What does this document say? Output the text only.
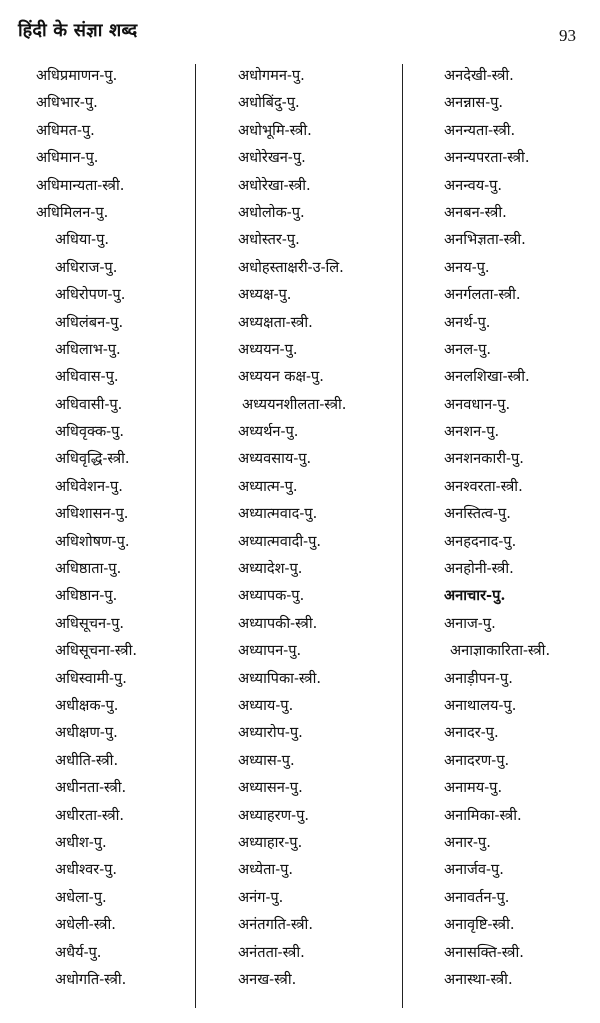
हिंदी के संज्ञा शब्द	93
अधिप्रमाणन-पु.
अधिभार-पु.
अधिमत-पु.
अधिमान-पु.
अधिमान्यता-स्त्री.
अधिमिलन-पु.
अधिया-पु.
अधिराज-पु.
अधिरोपण-पु.
अधिलंबन-पु.
अधिलाभ-पु.
अधिवास-पु.
अधिवासी-पु.
अधिवृक्क-पु.
अधिवृद्धि-स्त्री.
अधिवेशन-पु.
अधिशासन-पु.
अधिशोषण-पु.
अधिष्ठाता-पु.
अधिष्ठान-पु.
अधिसूचन-पु.
अधिसूचना-स्त्री.
अधिस्वामी-पु.
अधीक्षक-पु.
अधीक्षण-पु.
अधीति-स्त्री.
अधीनता-स्त्री.
अधीरता-स्त्री.
अधीश-पु.
अधीश्वर-पु.
अधेला-पु.
अधेली-स्त्री.
अधैर्य-पु.
अधोगति-स्त्री.
अधोगमन-पु.
अधोबिंदु-पु.
अधोभूमि-स्त्री.
अधोरेखन-पु.
अधोरेखा-स्त्री.
अधोलोक-पु.
अधोस्तर-पु.
अधोहस्ताक्षरी-उ-लि.
अध्यक्ष-पु.
अध्यक्षता-स्त्री.
अध्ययन-पु.
अध्ययन कक्ष-पु.
अध्ययनशीलता-स्त्री.
अध्यर्थन-पु.
अध्यवसाय-पु.
अध्यात्म-पु.
अध्यात्मवाद-पु.
अध्यात्मवादी-पु.
अध्यादेश-पु.
अध्यापक-पु.
अध्यापकी-स्त्री.
अध्यापन-पु.
अध्यापिका-स्त्री.
अध्याय-पु.
अध्यारोप-पु.
अध्यास-पु.
अध्यासन-पु.
अध्याहरण-पु.
अध्याहार-पु.
अध्येता-पु.
अनंग-पु.
अनंतगति-स्त्री.
अनंतता-स्त्री.
अनख-स्त्री.
अनदेखी-स्त्री.
अनन्नास-पु.
अनन्यता-स्त्री.
अनन्यपरता-स्त्री.
अनन्वय-पु.
अनबन-स्त्री.
अनभिज्ञता-स्त्री.
अनय-पु.
अनर्गलता-स्त्री.
अनर्थ-पु.
अनल-पु.
अनलशिखा-स्त्री.
अनवधान-पु.
अनशन-पु.
अनशनकारी-पु.
अनश्वरता-स्त्री.
अनस्तित्व-पु.
अनहदनाद-पु.
अनहोनी-स्त्री.
अनाचार-पु.
अनाज-पु.
अनाज्ञाकारिता-स्त्री.
अनाड़ीपन-पु.
अनाथालय-पु.
अनादर-पु.
अनादरण-पु.
अनामय-पु.
अनामिका-स्त्री.
अनार-पु.
अनार्जव-पु.
अनावर्तन-पु.
अनावृष्टि-स्त्री.
अनासक्ति-स्त्री.
अनास्था-स्त्री.
